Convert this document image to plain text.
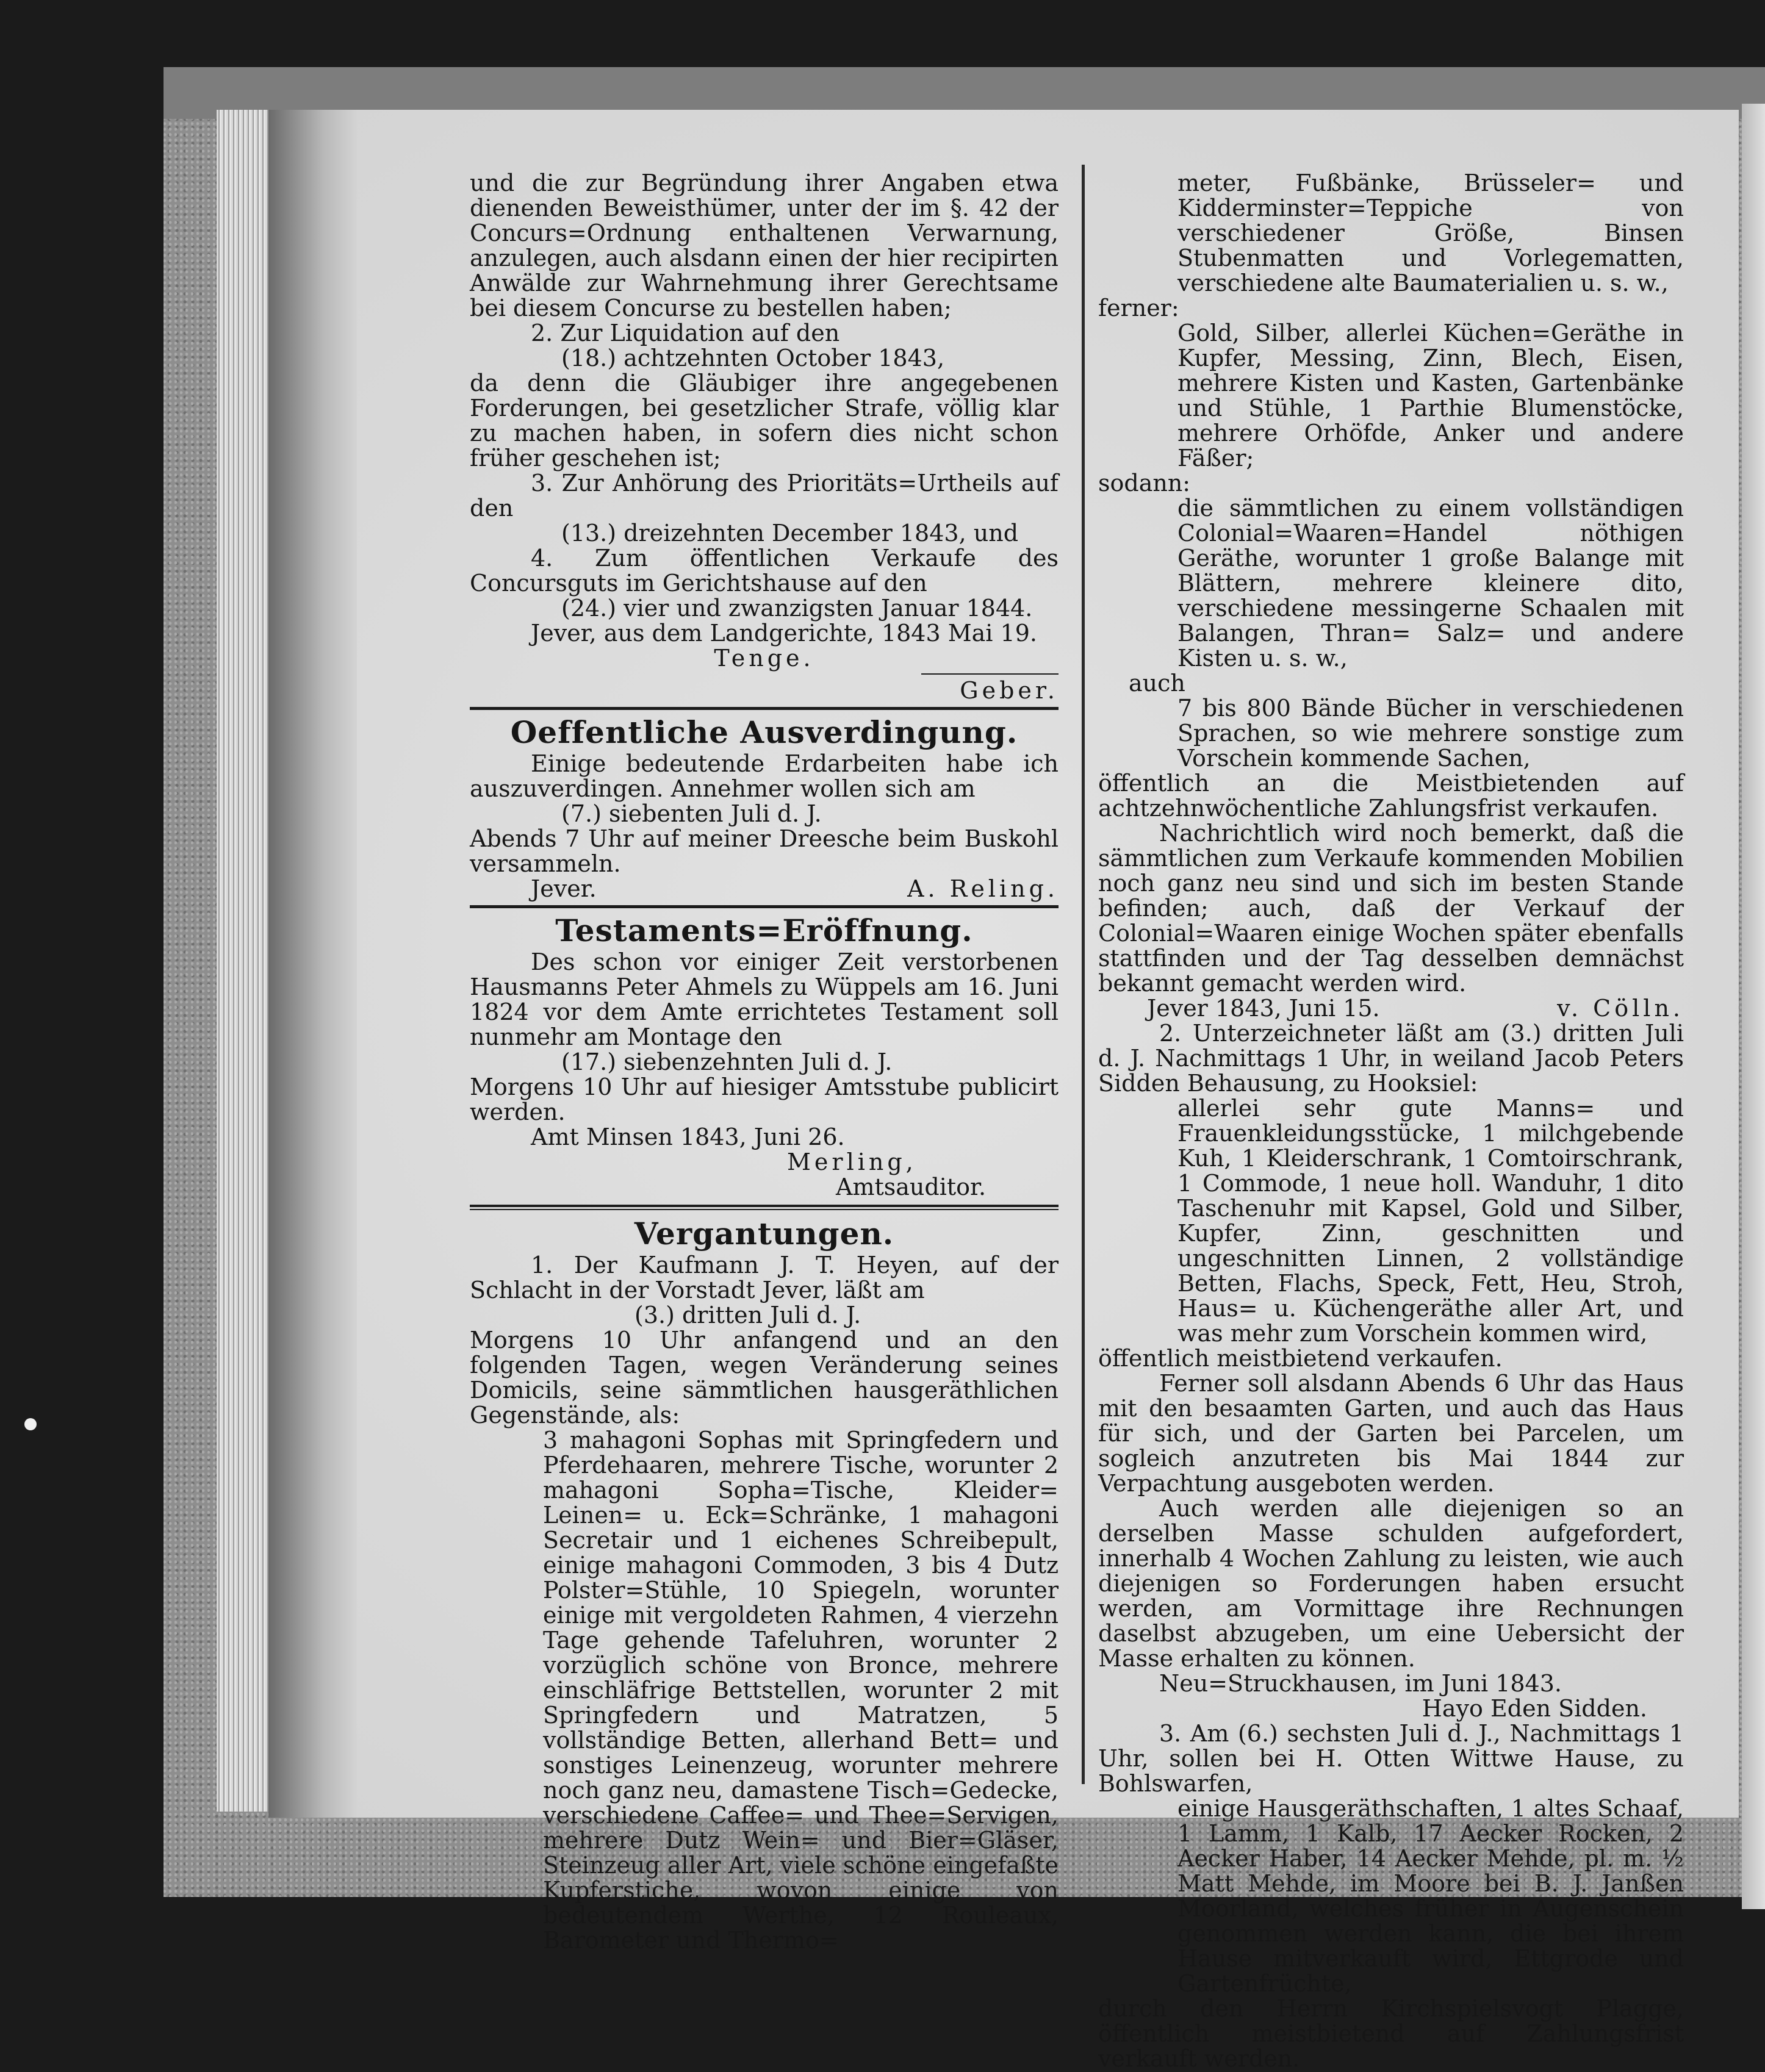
und die zur Begründung ihrer Angaben etwa dienenden Beweisthümer, unter der im §. 42 der Concurs=Ordnung enthaltenen Verwarnung, anzulegen, auch alsdann einen der hier recipirten Anwälde zur Wahrnehmung ihrer Gerechtsame bei diesem Concurse zu bestellen haben;

2. Zur Liquidation auf den

(18.) achtzehnten October 1843,

da denn die Gläubiger ihre angegebenen Forderungen, bei gesetzlicher Strafe, völlig klar zu machen haben, in sofern dies nicht schon früher geschehen ist;

3. Zur Anhörung des Prioritäts=Urtheils auf den

(13.) dreizehnten December 1843, und

4. Zum öffentlichen Verkaufe des Concursguts im Gerichtshause auf den

(24.) vier und zwanzigsten Januar 1844.

Jever, aus dem Landgerichte, 1843 Mai 19.

Tenge.

Geber.

Oeffentliche Ausverdingung.

Einige bedeutende Erdarbeiten habe ich auszuverdingen. Annehmer wollen sich am

(7.) siebenten Juli d. J.

Abends 7 Uhr auf meiner Dreesche beim Buskohl versammeln.

Jever.	A. Reling.

Testaments=Eröffnung.

Des schon vor einiger Zeit verstorbenen Hausmanns Peter Ahmels zu Wüppels am 16. Juni 1824 vor dem Amte errichtetes Testament soll nunmehr am Montage den

(17.) siebenzehnten Juli d. J.

Morgens 10 Uhr auf hiesiger Amtsstube publicirt werden.

Amt Minsen 1843, Juni 26.

Merling,

Amtsauditor.

Vergantungen.

1. Der Kaufmann J. T. Heyen, auf der Schlacht in der Vorstadt Jever, läßt am

(3.) dritten Juli d. J.

Morgens 10 Uhr anfangend und an den folgenden Tagen, wegen Veränderung seines Domicils, seine sämmtlichen hausgeräthlichen Gegenstände, als:

3 mahagoni Sophas mit Springfedern und Pferdehaaren, mehrere Tische, worunter 2 mahagoni Sopha=Tische, Kleider= Leinen= u. Eck=Schränke, 1 mahagoni Secretair und 1 eichenes Schreibepult, einige mahagoni Commoden, 3 bis 4 Dutz Polster=Stühle, 10 Spiegeln, worunter einige mit vergoldeten Rahmen, 4 vierzehn Tage gehende Tafeluhren, worunter 2 vorzüglich schöne von Bronce, mehrere einschläfrige Bettstellen, worunter 2 mit Springfedern und Matratzen, 5 vollständige Betten, allerhand Bett= und sonstiges Leinenzeug, worunter mehrere noch ganz neu, damastene Tisch=Gedecke, verschiedene Caffee= und Thee=Servigen, mehrere Dutz Wein= und Bier=Gläser, Steinzeug aller Art, viele schöne eingefaßte Kupferstiche, wovon einige von bedeutendem Werthe, 12 Rouleaux, Barometer und Thermo=

meter, Fußbänke, Brüsseler= und Kidderminster=Teppiche von verschiedener Größe, Binsen Stubenmatten und Vorlegematten, verschiedene alte Baumaterialien u. s. w.,

ferner:

Gold, Silber, allerlei Küchen=Geräthe in Kupfer, Messing, Zinn, Blech, Eisen, mehrere Kisten und Kasten, Gartenbänke und Stühle, 1 Parthie Blumenstöcke, mehrere Orhöfde, Anker und andere Fäßer;

sodann:

die sämmtlichen zu einem vollständigen Colonial=Waaren=Handel nöthigen Geräthe, worunter 1 große Balange mit Blättern, mehrere kleinere dito, verschiedene messingerne Schaalen mit Balangen, Thran= Salz= und andere Kisten u. s. w.,

auch

7 bis 800 Bände Bücher in verschiedenen Sprachen, so wie mehrere sonstige zum Vorschein kommende Sachen,

öffentlich an die Meistbietenden auf achtzehnwöchentliche Zahlungsfrist verkaufen.

Nachrichtlich wird noch bemerkt, daß die sämmtlichen zum Verkaufe kommenden Mobilien noch ganz neu sind und sich im besten Stande befinden; auch, daß der Verkauf der Colonial=Waaren einige Wochen später ebenfalls stattfinden und der Tag desselben demnächst bekannt gemacht werden wird.

Jever 1843, Juni 15.	v. Cölln.

2. Unterzeichneter läßt am (3.) dritten Juli d. J. Nachmittags 1 Uhr, in weiland Jacob Peters Sidden Behausung, zu Hooksiel:

allerlei sehr gute Manns= und Frauenkleidungsstücke, 1 milchgebende Kuh, 1 Kleiderschrank, 1 Comtoirschrank, 1 Commode, 1 neue holl. Wanduhr, 1 dito Taschenuhr mit Kapsel, Gold und Silber, Kupfer, Zinn, geschnitten und ungeschnitten Linnen, 2 vollständige Betten, Flachs, Speck, Fett, Heu, Stroh, Haus= u. Küchengeräthe aller Art, und was mehr zum Vorschein kommen wird,

öffentlich meistbietend verkaufen.

Ferner soll alsdann Abends 6 Uhr das Haus mit den besaamten Garten, und auch das Haus für sich, und der Garten bei Parcelen, um sogleich anzutreten bis Mai 1844 zur Verpachtung ausgeboten werden.

Auch werden alle diejenigen so an derselben Masse schulden aufgefordert, innerhalb 4 Wochen Zahlung zu leisten, wie auch diejenigen so Forderungen haben ersucht werden, am Vormittage ihre Rechnungen daselbst abzugeben, um eine Uebersicht der Masse erhalten zu können.

Neu=Struckhausen, im Juni 1843.

Hayo Eden Sidden.

3. Am (6.) sechsten Juli d. J., Nachmittags 1 Uhr, sollen bei H. Otten Wittwe Hause, zu Bohlswarfen,

einige Hausgeräthschaften, 1 altes Schaaf, 1 Lamm, 1 Kalb, 17 Aecker Rocken, 2 Aecker Haber, 14 Aecker Mehde, pl. m. ½ Matt Mehde, im Moore bei B. J. Janßen Moorland, welches früher in Augenschein genommen werden kann, die bei ihrem Hause mitverkauft wird, Ettgrode und Gartenfrüchte,

durch den Herrn Kirchspielsvogt Plagge, öffentlich meistbietend auf Zahlungsfrist verkauft werden.
